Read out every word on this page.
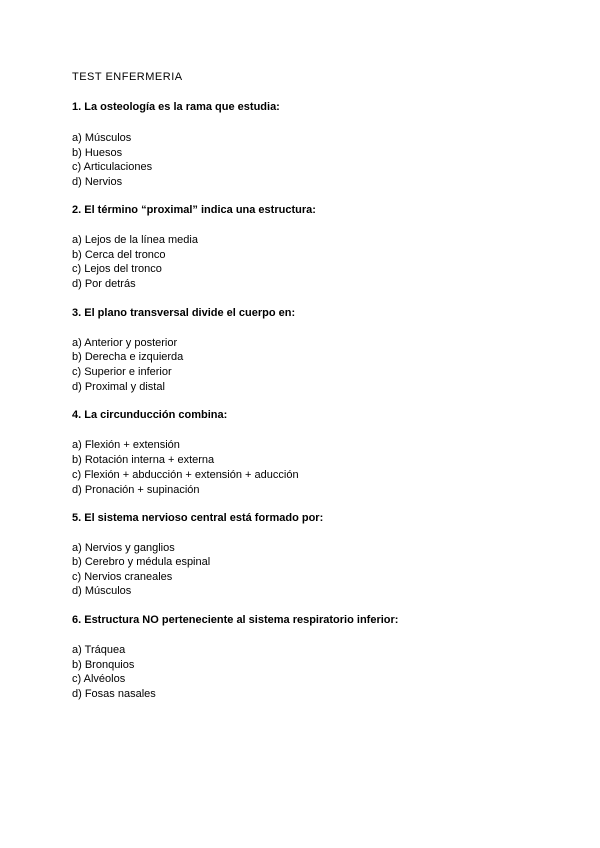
TEST ENFERMERIA
1. La osteología es la rama que estudia:
a) Músculos
b) Huesos
c) Articulaciones
d) Nervios
2. El término “proximal” indica una estructura:
a) Lejos de la línea media
b) Cerca del tronco
c) Lejos del tronco
d) Por detrás
3. El plano transversal divide el cuerpo en:
a) Anterior y posterior
b) Derecha e izquierda
c) Superior e inferior
d) Proximal y distal
4. La circunducción combina:
a) Flexión + extensión
b) Rotación interna + externa
c) Flexión + abducción + extensión + aducción
d) Pronación + supinación
5. El sistema nervioso central está formado por:
a) Nervios y ganglios
b) Cerebro y médula espinal
c) Nervios craneales
d) Músculos
6. Estructura NO perteneciente al sistema respiratorio inferior:
a) Tráquea
b) Bronquios
c) Alvéolos
d) Fosas nasales
